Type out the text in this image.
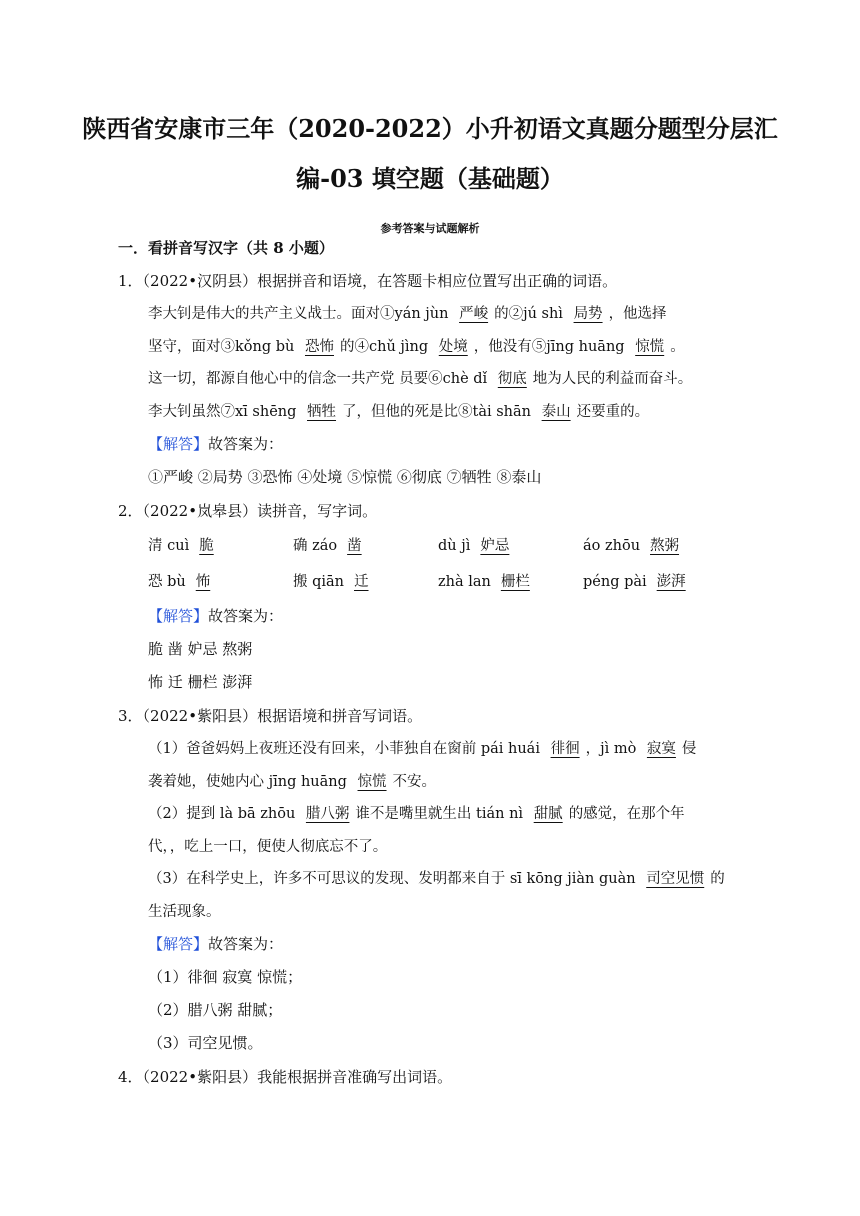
陕西省安康市三年（2020-2022）小升初语文真题分题型分层汇
编-03 填空题（基础题）
参考答案与试题解析
一．看拼音写汉字（共 8 小题）
1．（2022•汉阴县）根据拼音和语境，在答题卡相应位置写出正确的词语。
李大钊是伟大的共产主义战士。面对①yán jùn 严峻 的②jú shì 局势 ，他选择
坚守，面对③kǒng bù 恐怖 的④chǔ jìng 处境 ，他没有⑤jīng huāng 惊慌 。
这一切，都源自他心中的信念一共产党 员要⑥chè dǐ 彻底 地为人民的利益而奋斗。
李大钊虽然⑦xī shēng 牺牲 了，但他的死是比⑧tài shān 泰山 还要重的。
【解答】故答案为：
①严峻 ②局势 ③恐怖 ④处境 ⑤惊慌 ⑥彻底 ⑦牺牲 ⑧泰山
2．（2022•岚皋县）读拼音，写字词。
清 cuì 脆	确 záo 凿	dù jì 妒忌	áo zhōu 熬粥
恐 bù 怖	搬 qiān 迁	zhà lan 栅栏	péng pài 澎湃
【解答】故答案为：
脆 凿 妒忌 熬粥
怖 迁 栅栏 澎湃
3．（2022•紫阳县）根据语境和拼音写词语。
（1）爸爸妈妈上夜班还没有回来，小菲独自在窗前 pái huái 徘徊 ，jì mò 寂寞 侵
袭着她，使她内心 jīng huāng 惊慌 不安。
（2）提到 là bā zhōu 腊八粥 谁不是嘴里就生出 tián nì 甜腻 的感觉，在那个年
代，，吃上一口，便使人彻底忘不了。
（3）在科学史上，许多不可思议的发现、发明都来自于 sī kōng jiàn guàn 司空见惯 的
生活现象。
【解答】故答案为：
（1）徘徊 寂寞 惊慌；
（2）腊八粥 甜腻；
（3）司空见惯。
4．（2022•紫阳县）我能根据拼音准确写出词语。
